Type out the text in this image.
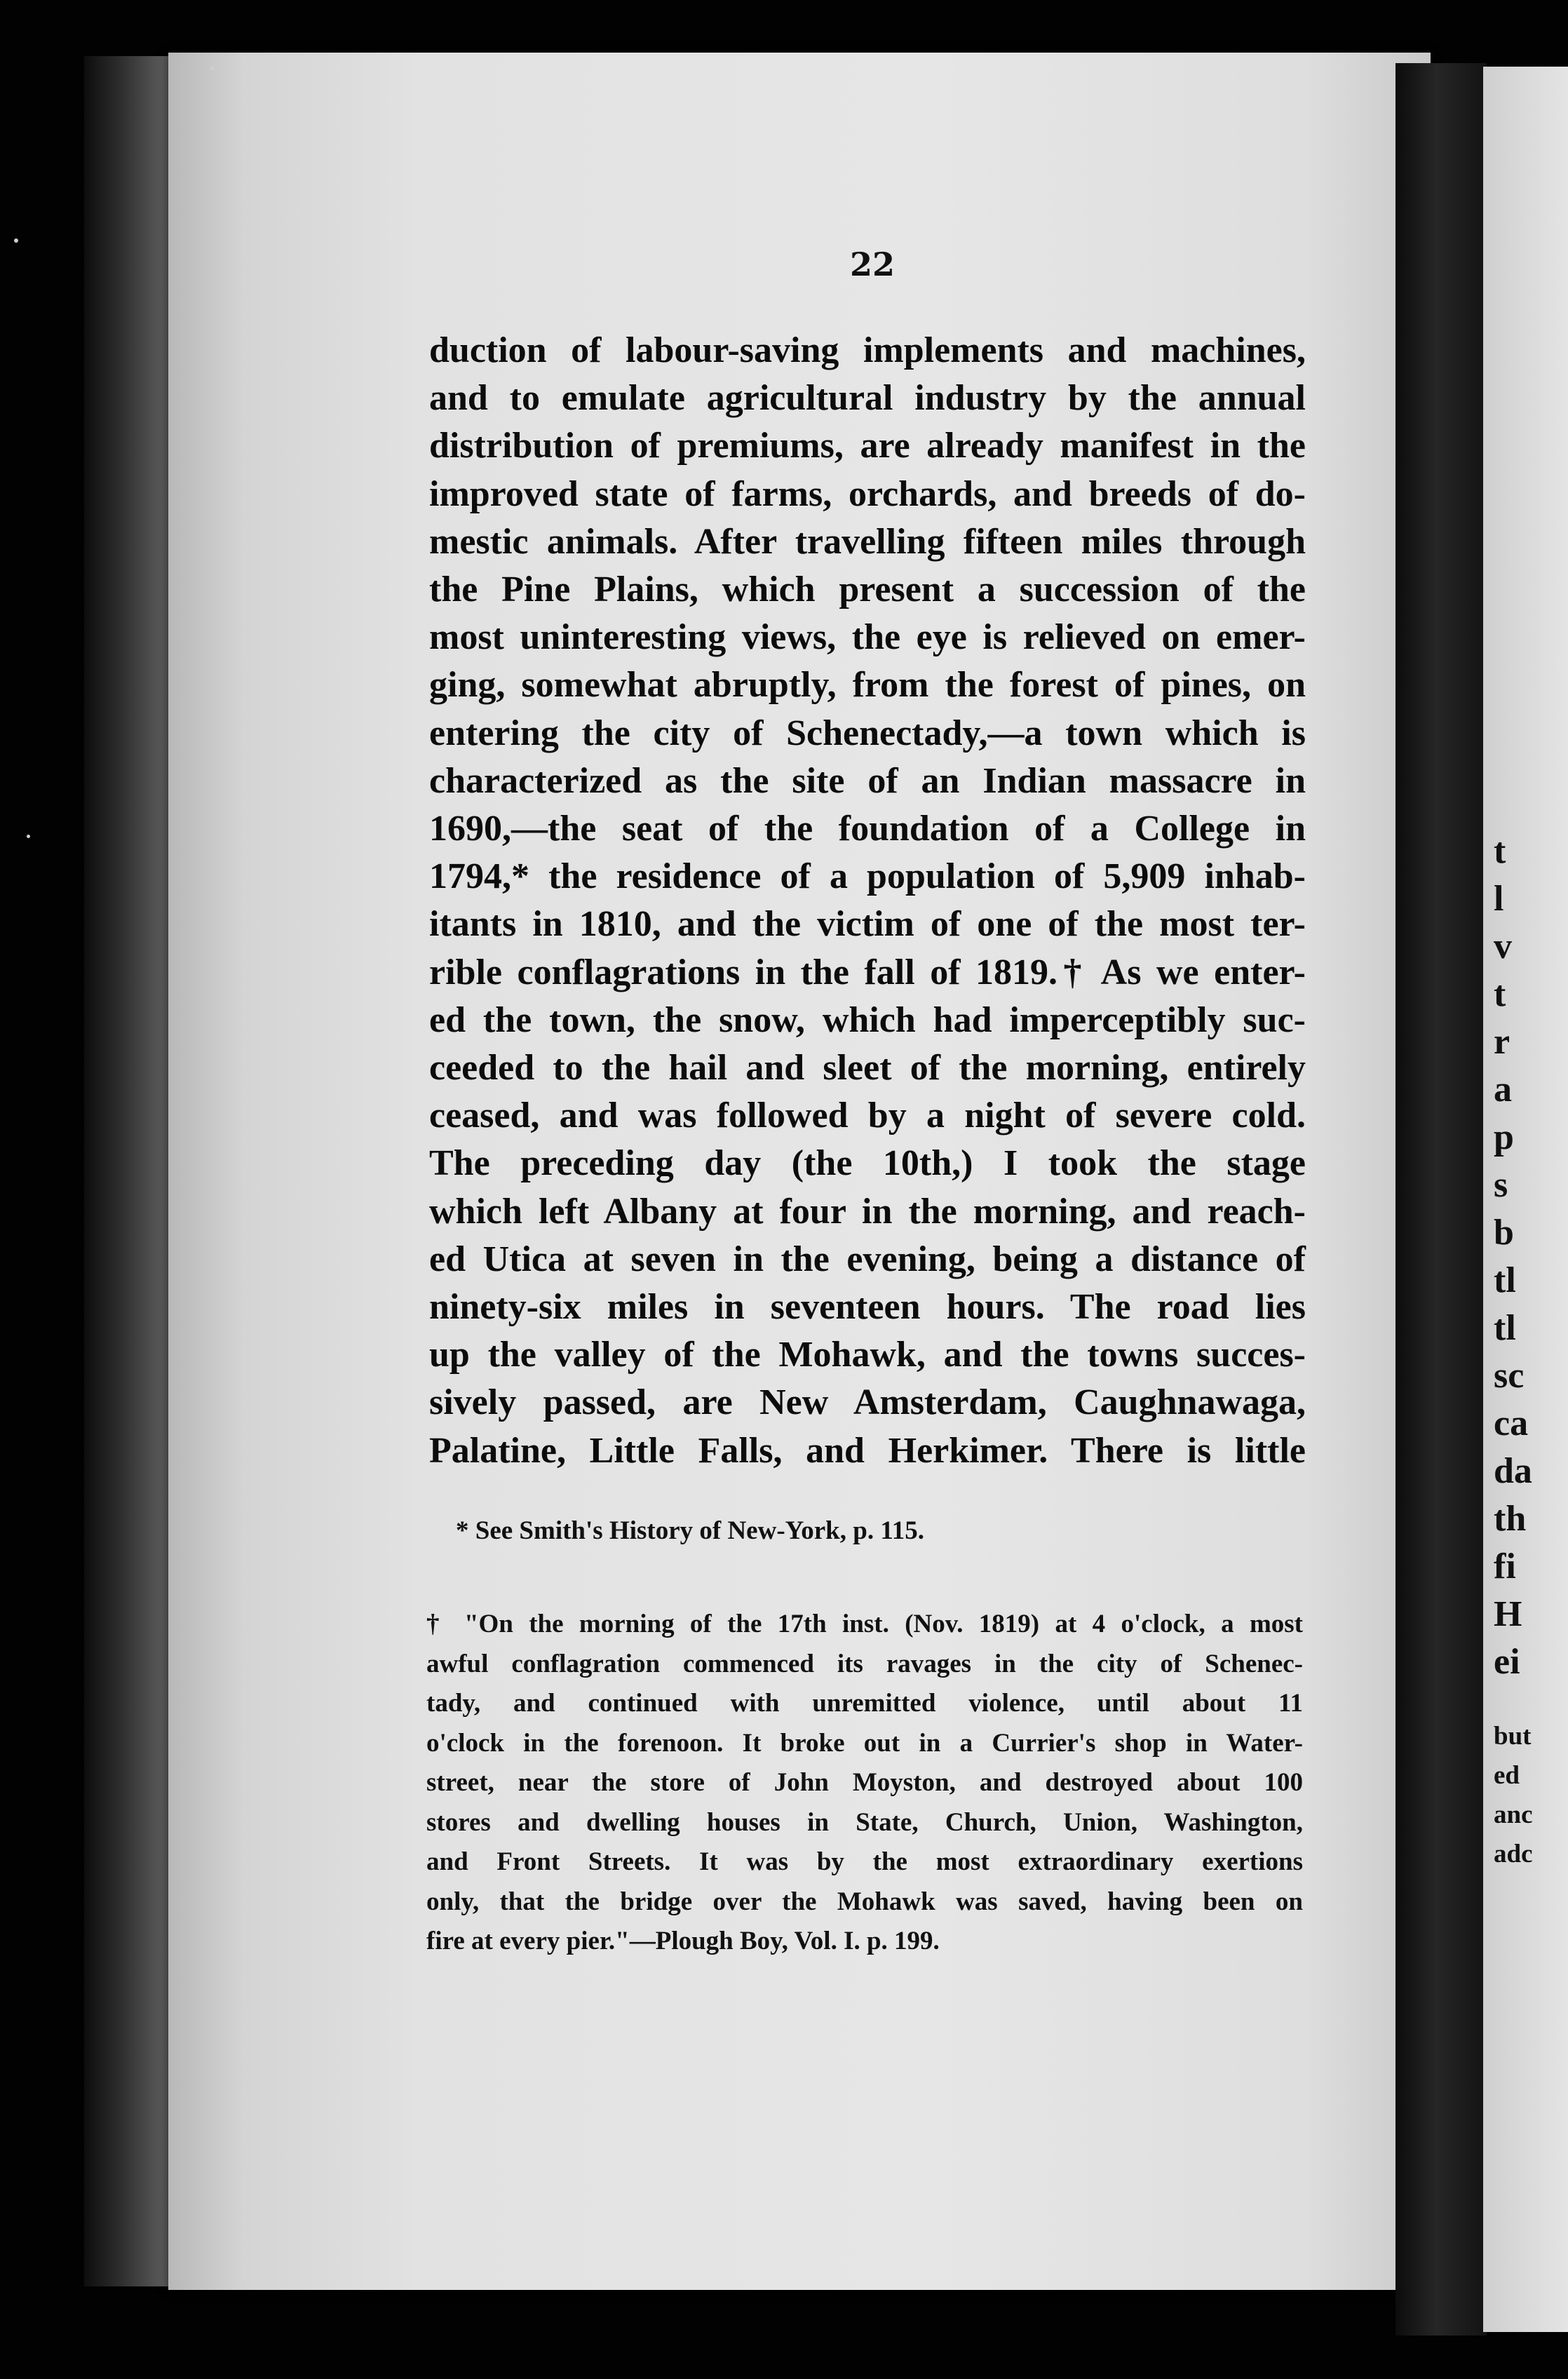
22
duction of labour-saving implements and machines,
and to emulate agricultural industry by the annual
distribution of premiums, are already manifest in the
improved state of farms, orchards, and breeds of do-
mestic animals. After travelling fifteen miles through
the Pine Plains, which present a succession of the
most uninteresting views, the eye is relieved on emer-
ging, somewhat abruptly, from the forest of pines, on
entering the city of Schenectady,—a town which is
characterized as the site of an Indian massacre in
1690,—the seat of the foundation of a College in
1794,* the residence of a population of 5,909 inhab-
itants in 1810, and the victim of one of the most ter-
rible conflagrations in the fall of 1819.† As we enter-
ed the town, the snow, which had imperceptibly suc-
ceeded to the hail and sleet of the morning, entirely
ceased, and was followed by a night of severe cold.
The preceding day (the 10th,) I took the stage
which left Albany at four in the morning, and reach-
ed Utica at seven in the evening, being a distance of
ninety-six miles in seventeen hours. The road lies
up the valley of the Mohawk, and the towns succes-
sively passed, are New Amsterdam, Caughnawaga,
Palatine, Little Falls, and Herkimer. There is little
* See Smith's History of New-York, p. 115.
† "On the morning of the 17th inst. (Nov. 1819) at 4 o'clock, a most
awful conflagration commenced its ravages in the city of Schenec-
tady, and continued with unremitted violence, until about 11
o'clock in the forenoon. It broke out in a Currier's shop in Water-
street, near the store of John Moyston, and destroyed about 100
stores and dwelling houses in State, Church, Union, Washington,
and Front Streets. It was by the most extraordinary exertions
only, that the bridge over the Mohawk was saved, having been on
fire at every pier."—Plough Boy, Vol. I. p. 199.
t
l
v
t
r
a
p
s
b
tl
tl
sc
ca
da
th
fi
H
ei
but
ed
anc
adc
